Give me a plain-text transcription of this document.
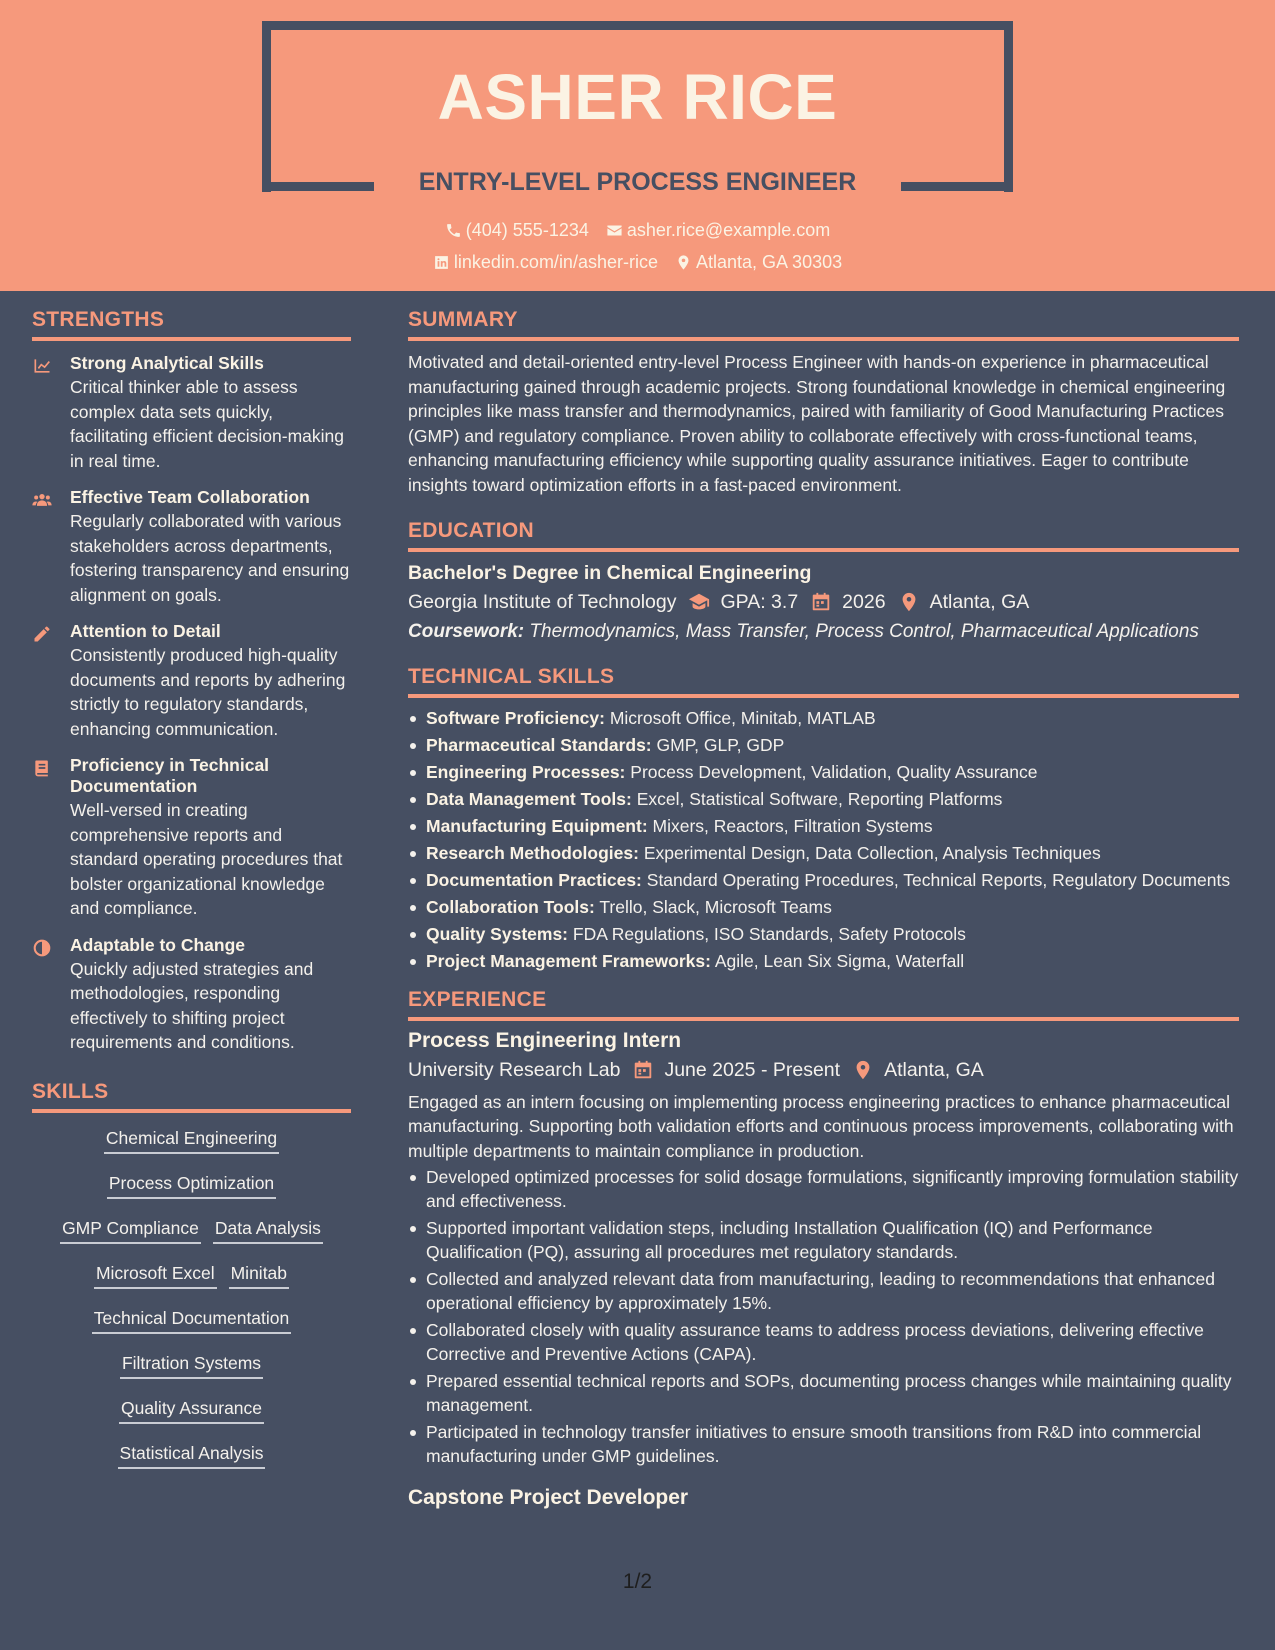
ASHER RICE
ENTRY-LEVEL PROCESS ENGINEER
(404) 555-1234
asher.rice@example.com
linkedin.com/in/asher-rice
Atlanta, GA 30303
STRENGTHS
Strong Analytical Skills
Critical thinker able to assess complex data sets quickly, facilitating efficient decision-making in real time.
Effective Team Collaboration
Regularly collaborated with various stakeholders across departments, fostering transparency and ensuring alignment on goals.
Attention to Detail
Consistently produced high-quality documents and reports by adhering strictly to regulatory standards, enhancing communication.
Proficiency in Technical Documentation
Well-versed in creating comprehensive reports and standard operating procedures that bolster organizational knowledge and compliance.
Adaptable to Change
Quickly adjusted strategies and methodologies, responding effectively to shifting project requirements and conditions.
SKILLS
Chemical Engineering
Process Optimization
GMP Compliance Data Analysis
Microsoft Excel Minitab
Technical Documentation
Filtration Systems
Quality Assurance
Statistical Analysis
SUMMARY
Motivated and detail-oriented entry-level Process Engineer with hands-on experience in pharmaceutical manufacturing gained through academic projects. Strong foundational knowledge in chemical engineering principles like mass transfer and thermodynamics, paired with familiarity of Good Manufacturing Practices (GMP) and regulatory compliance. Proven ability to collaborate effectively with cross-functional teams, enhancing manufacturing efficiency while supporting quality assurance initiatives. Eager to contribute insights toward optimization efforts in a fast-paced environment.
EDUCATION
Bachelor's Degree in Chemical Engineering
Georgia Institute of Technology GPA: 3.7 2026 Atlanta, GA
Coursework: Thermodynamics, Mass Transfer, Process Control, Pharmaceutical Applications
TECHNICAL SKILLS
Software Proficiency: Microsoft Office, Minitab, MATLAB
Pharmaceutical Standards: GMP, GLP, GDP
Engineering Processes: Process Development, Validation, Quality Assurance
Data Management Tools: Excel, Statistical Software, Reporting Platforms
Manufacturing Equipment: Mixers, Reactors, Filtration Systems
Research Methodologies: Experimental Design, Data Collection, Analysis Techniques
Documentation Practices: Standard Operating Procedures, Technical Reports, Regulatory Documents
Collaboration Tools: Trello, Slack, Microsoft Teams
Quality Systems: FDA Regulations, ISO Standards, Safety Protocols
Project Management Frameworks: Agile, Lean Six Sigma, Waterfall
EXPERIENCE
Process Engineering Intern
University Research Lab June 2025 - Present Atlanta, GA
Engaged as an intern focusing on implementing process engineering practices to enhance pharmaceutical manufacturing. Supporting both validation efforts and continuous process improvements, collaborating with multiple departments to maintain compliance in production.
Developed optimized processes for solid dosage formulations, significantly improving formulation stability and effectiveness.
Supported important validation steps, including Installation Qualification (IQ) and Performance Qualification (PQ), assuring all procedures met regulatory standards.
Collected and analyzed relevant data from manufacturing, leading to recommendations that enhanced operational efficiency by approximately 15%.
Collaborated closely with quality assurance teams to address process deviations, delivering effective Corrective and Preventive Actions (CAPA).
Prepared essential technical reports and SOPs, documenting process changes while maintaining quality management.
Participated in technology transfer initiatives to ensure smooth transitions from R&D into commercial manufacturing under GMP guidelines.
Capstone Project Developer
1/2
